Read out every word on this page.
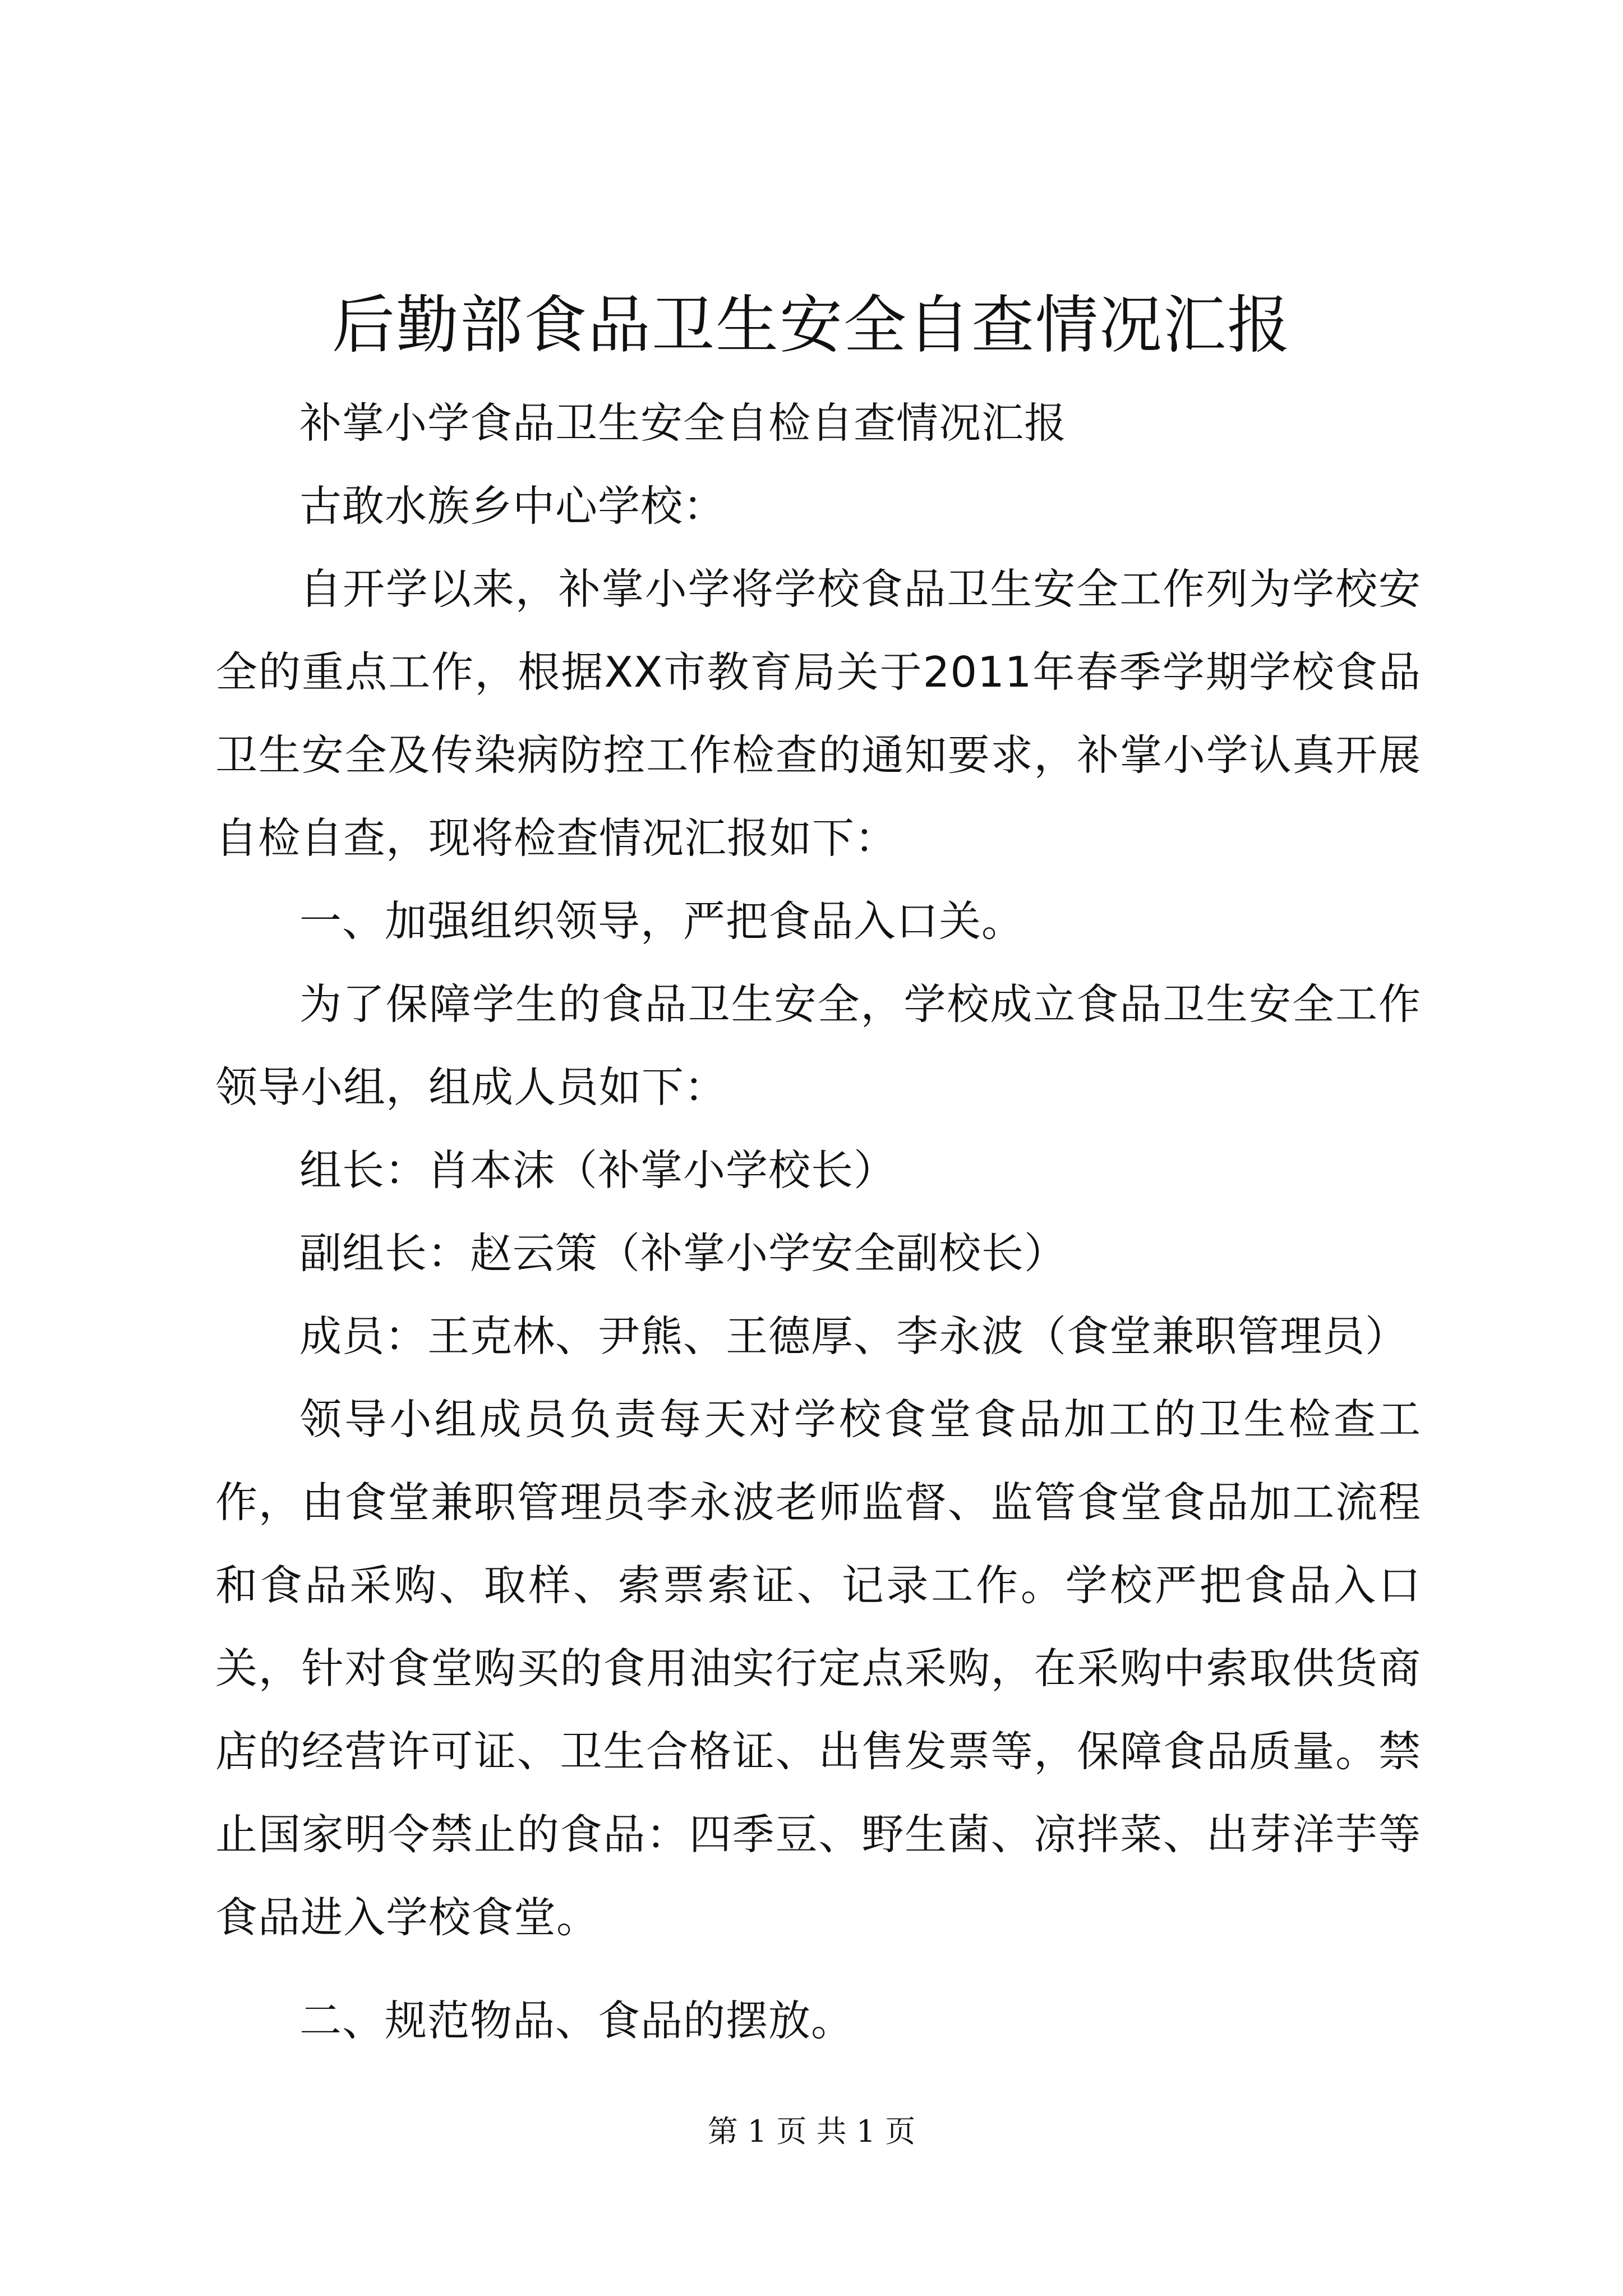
后勤部食品卫生安全自查情况汇报

补掌小学食品卫生安全自检自查情况汇报

古敢水族乡中心学校：

自开学以来，补掌小学将学校食品卫生安全工作列为学校安全的重点工作，根据XX市教育局关于2011年春季学期学校食品卫生安全及传染病防控工作检查的通知要求，补掌小学认真开展自检自查，现将检查情况汇报如下：

一、加强组织领导，严把食品入口关。

为了保障学生的食品卫生安全，学校成立食品卫生安全工作领导小组，组成人员如下：

组长：肖本沫（补掌小学校长）

副组长：赵云策（补掌小学安全副校长）

成员：王克林、尹熊、王德厚、李永波（食堂兼职管理员）

领导小组成员负责每天对学校食堂食品加工的卫生检查工作，由食堂兼职管理员李永波老师监督、监管食堂食品加工流程和食品采购、取样、索票索证、记录工作。学校严把食品入口关，针对食堂购买的食用油实行定点采购，在采购中索取供货商店的经营许可证、卫生合格证、出售发票等，保障食品质量。禁止国家明令禁止的食品：四季豆、野生菌、凉拌菜、出芽洋芋等食品进入学校食堂。

二、规范物品、食品的摆放。

第 1 页 共 1 页
